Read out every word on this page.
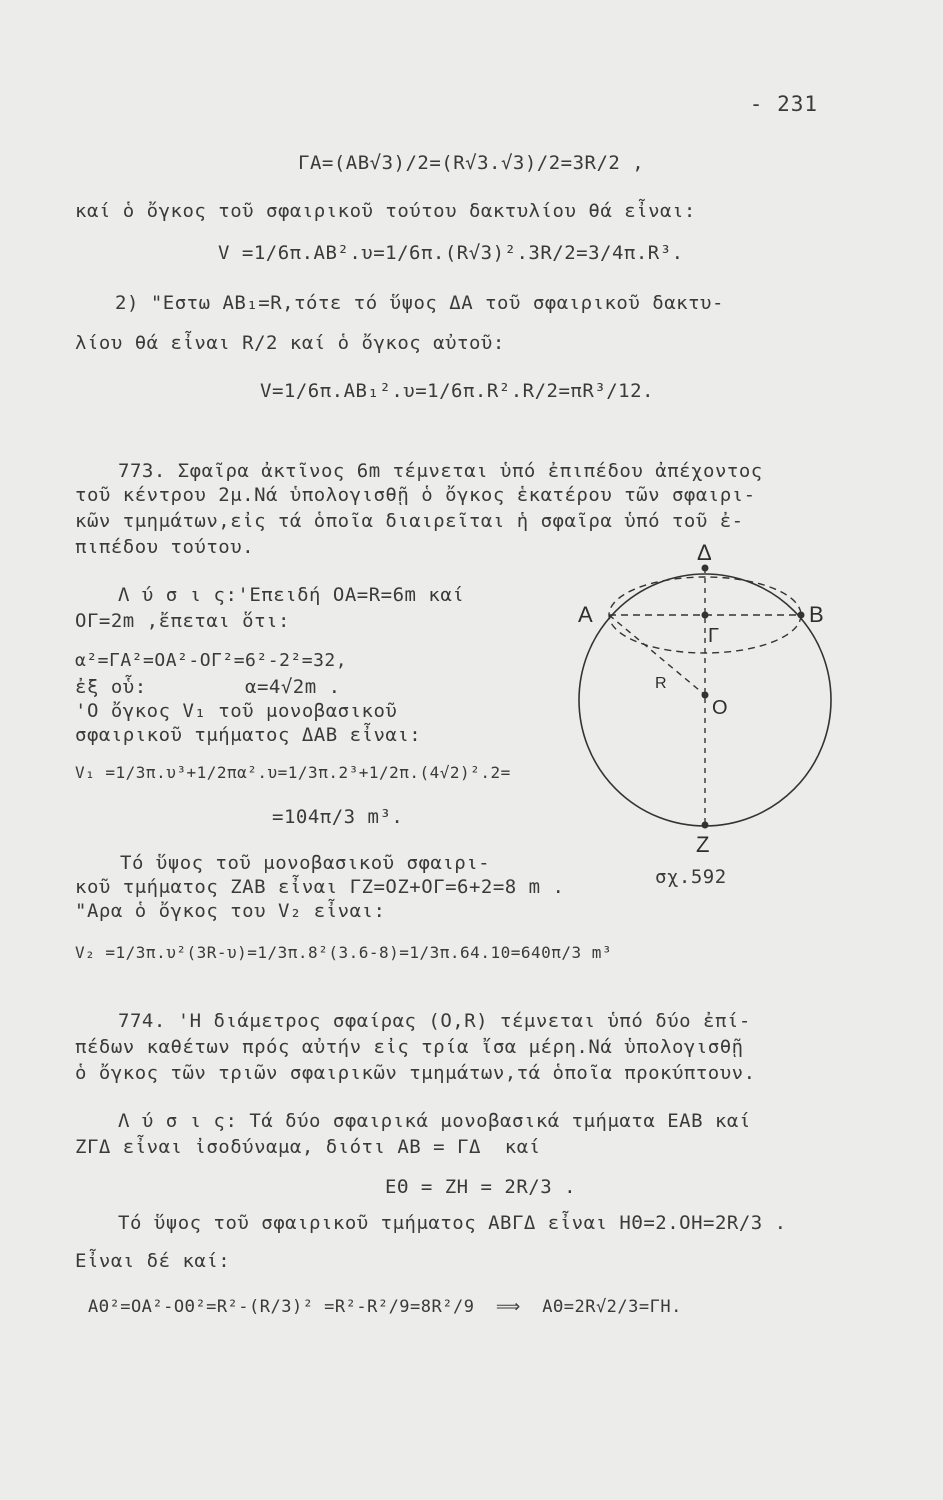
- 231
ΓΑ=(AB√3)/2=(R√3.√3)/2=3R/2 ,
καί ὁ ὄγκος τοῦ σφαιρικοῦ τούτου δακτυλίου θά εἶναι:
V =1/6π.AB².υ=1/6π.(R√3)².3R/2=3/4π.R³.
2) "Εστω ΑΒ₁=R,τότε τό ὕψος ΔΑ τοῦ σφαιρικοῦ δακτυ-
λίου θά εἶναι R/2 καί ὁ ὄγκος αὐτοῦ:
V=1/6π.ΑΒ₁².υ=1/6π.R².R/2=πR³/12.
773. Σφαῖρα ἀκτῖνος 6m τέμνεται ὑπό ἐπιπέδου ἀπέχοντος
τοῦ κέντρου 2μ.Νά ὑπολογισθῇ ὁ ὄγκος ἑκατέρου τῶν σφαιρι-
κῶν τμημάτων,εἰς τά ὁποῖα διαιρεῖται ἡ σφαῖρα ὑπό τοῦ ἐ-
πιπέδου τούτου.
Λ ύ σ ι ς:'Επειδή ΟΑ=R=6m καί
ΟΓ=2m ,ἔπεται ὅτι:
α²=ΓΑ²=ΟΑ²-ΟΓ²=6²-2²=32,
ἐξ οὗ:	α=4√2m .
'Ο ὄγκος V₁ τοῦ μονοβασικοῦ
σφαιρικοῦ τμήματος ΔΑΒ εἶναι:
V₁ =1/3π.υ³+1/2πα².υ=1/3π.2³+1/2π.(4√2)².2=
=104π/3 m³.
Τό ὕψος τοῦ μονοβασικοῦ σφαιρι-
κοῦ τμήματος ΖΑΒ εἶναι ΓΖ=ΟΖ+ΟΓ=6+2=8 m .
"Αρα ὁ ὄγκος του V₂ εἶναι:
V₂ =1/3π.υ²(3R-υ)=1/3π.8²(3.6-8)=1/3π.64.10=640π/3 m³
Δ
A	B
Γ
R
O
Z
σχ.592
774. 'Η διάμετρος σφαίρας (Ο,R) τέμνεται ὑπό δύο ἐπί-
πέδων καθέτων πρός αὐτήν εἰς τρία ἴσα μέρη.Νά ὑπολογισθῇ
ὁ ὄγκος τῶν τριῶν σφαιρικῶν τμημάτων,τά ὁποῖα προκύπτουν.
Λ ύ σ ι ς: Τά δύο σφαιρικά μονοβασικά τμήματα ΕΑΒ καί
ΖΓΔ εἶναι ἰσοδύναμα, διότι ΑΒ = ΓΔ  καί
ΕΘ = ΖΗ = 2R/3 .
Τό ὕψος τοῦ σφαιρικοῦ τμήματος ΑΒΓΔ εἶναι ΗΘ=2.ΟΗ=2R/3 .
Εἶναι δέ καί:
ΑΘ²=ΟΑ²-ΟΘ²=R²-(R/3)² =R²-R²/9=8R²/9  ⟹  ΑΘ=2R√2/3=ΓΗ.
